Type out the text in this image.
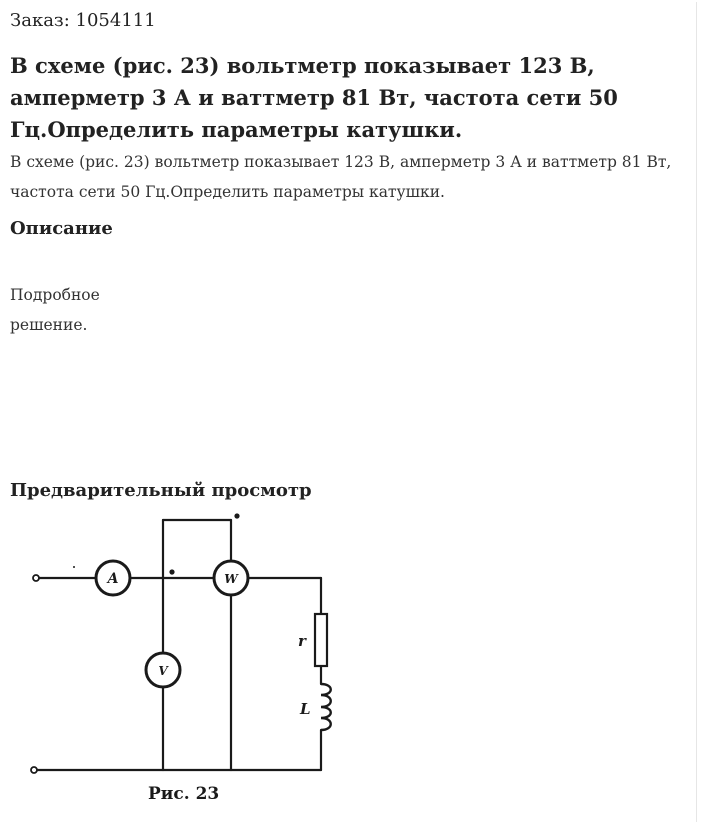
Заказ: 1054111
В схеме (рис. 23) вольтметр показывает 123 В, амперметр 3 А и ваттметр 81 Вт, частота сети 50 Гц.Определить параметры катушки.
В схеме (рис. 23) вольтметр показывает 123 В, амперметр 3 А и ваттметр 81 Вт, частота сети 50 Гц.Определить параметры катушки.
Описание
Подробное
решение.
Предварительный просмотр
A	W
V
r
L
Рис. 23
